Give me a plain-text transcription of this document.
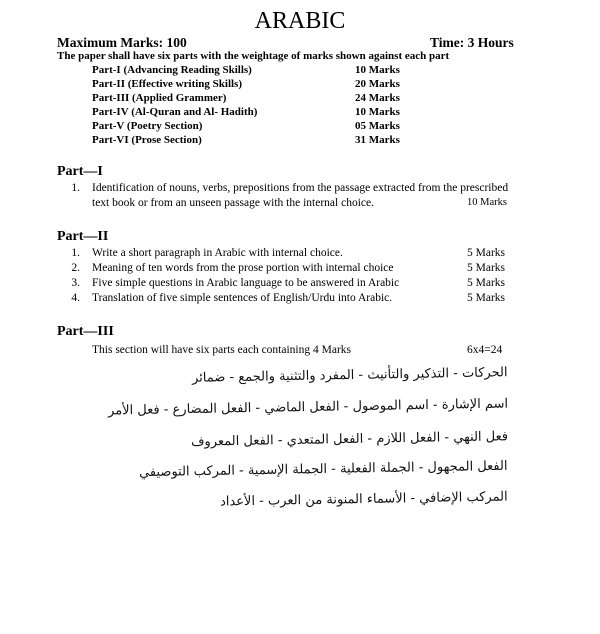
ARABIC
Maximum Marks: 100	Time: 3 Hours
The paper shall have six parts with the weightage of marks shown against each part
Part-I (Advancing Reading Skills)	10 Marks
Part-II (Effective writing Skills)	20 Marks
Part-III (Applied Grammer)	24 Marks
Part-IV (Al-Quran and Al- Hadith)	10 Marks
Part-V (Poetry Section)	05 Marks
Part-VI (Prose Section)	31 Marks
Part—I
1. Identification of nouns, verbs, prepositions from the passage extracted from the prescribed
text book or from an unseen passage with the internal choice.	10 Marks
Part—II
1. Write a short paragraph in Arabic with internal choice.	5 Marks
2. Meaning of ten words from the prose portion with internal choice	5 Marks
3. Five simple questions in Arabic language to be answered in Arabic	5 Marks
4. Translation of five simple sentences of English/Urdu into Arabic.	5 Marks
Part—III
This section will have six parts each containing 4 Marks	6x4=24
الحركات - التذكير والتأنيث - المفرد والتثنية والجمع - ضمائر
اسم الإشارة - اسم الموصول - الفعل الماضي - الفعل المضارع - فعل الأمر
فعل النهي - الفعل اللازم - الفعل المتعدي - الفعل المعروف
الفعل المجهول - الجملة الفعلية - الجملة الإسمية - المركب التوصيفي
المركب الإضافي - الأسماء المنونة من العرب - الأعداد
